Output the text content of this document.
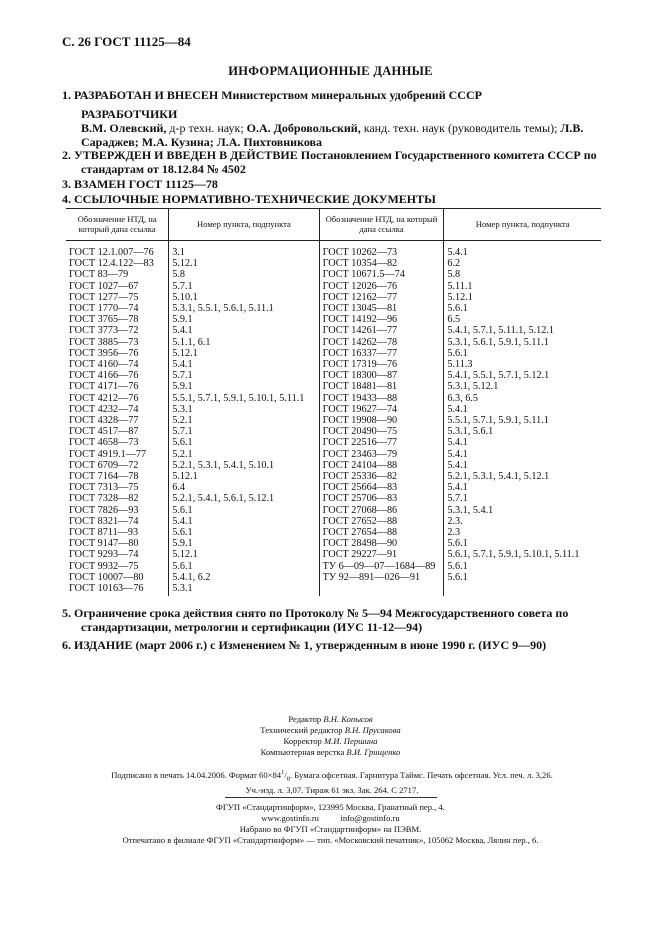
С. 26 ГОСТ 11125—84
ИНФОРМАЦИОННЫЕ ДАННЫЕ
1. РАЗРАБОТАН И ВНЕСЕН Министерством минеральных удобрений СССР
РАЗРАБОТЧИКИ
В.М. Олевский, д-р техн. наук; О.А. Добровольский, канд. техн. наук (руководитель темы); Л.В. Сараджев; М.А. Кузина; Л.А. Пихтовникова
2. УТВЕРЖДЕН И ВВЕДЕН В ДЕЙСТВИЕ Постановлением Государственного комитета СССР по стандартам от 18.12.84 № 4502
3. ВЗАМЕН ГОСТ 11125—78
4. ССЫЛОЧНЫЕ НОРМАТИВНО-ТЕХНИЧЕСКИЕ ДОКУМЕНТЫ
Обозначение НТД, на который дана ссылка	Номер пункта, подпункта	Обозначение НТД, на который дана ссылка	Номер пункта, подпункта
ГОСТ 12.1.007—76	3.1	ГОСТ 10262—73	5.4.1
ГОСТ 12.4.122—83	5.12.1	ГОСТ 10354—82	6.2
ГОСТ 83—79	5.8	ГОСТ 10671.5—74	5.8
ГОСТ 1027—67	5.7.1	ГОСТ 12026—76	5.11.1
ГОСТ 1277—75	5.10.1	ГОСТ 12162—77	5.12.1
ГОСТ 1770—74	5.3.1, 5.5.1, 5.6.1, 5.11.1	ГОСТ 13045—81	5.6.1
ГОСТ 3765—78	5.9.1	ГОСТ 14192—96	6.5
ГОСТ 3773—72	5.4.1	ГОСТ 14261—77	5.4.1, 5.7.1, 5.11.1, 5.12.1
ГОСТ 3885—73	5.1.1, 6.1	ГОСТ 14262—78	5.3.1, 5.6.1, 5.9.1, 5.11.1
ГОСТ 3956—76	5.12.1	ГОСТ 16337—77	5.6.1
ГОСТ 4160—74	5.4.1	ГОСТ 17319—76	5.11.3
ГОСТ 4166—76	5.7.1	ГОСТ 18300—87	5.4.1, 5.5.1, 5.7.1, 5.12.1
ГОСТ 4171—76	5.9.1	ГОСТ 18481—81	5.3.1, 5.12.1
ГОСТ 4212—76	5.5.1, 5.7.1, 5.9.1, 5.10.1, 5.11.1	ГОСТ 19433—88	6.3, 6.5
ГОСТ 4232—74	5.3.1	ГОСТ 19627—74	5.4.1
ГОСТ 4328—77	5.2.1	ГОСТ 19908—90	5.5.1, 5.7.1, 5.9.1, 5.11.1
ГОСТ 4517—87	5.7.1	ГОСТ 20490—75	5.3.1, 5.6.1
ГОСТ 4658—73	5.6.1	ГОСТ 22516—77	5.4.1
ГОСТ 4919.1—77	5.2.1	ГОСТ 23463—79	5.4.1
ГОСТ 6709—72	5.2.1, 5.3.1, 5.4.1, 5.10.1	ГОСТ 24104—88	5.4.1
ГОСТ 7164—78	5.12.1	ГОСТ 25336—82	5.2.1, 5.3.1, 5.4.1, 5.12.1
ГОСТ 7313—75	6.4	ГОСТ 25664—83	5.4.1
ГОСТ 7328—82	5.2.1, 5.4.1, 5.6.1, 5.12.1	ГОСТ 25706—83	5.7.1
ГОСТ 7826—93	5.6.1	ГОСТ 27068—86	5.3.1, 5.4.1
ГОСТ 8321—74	5.4.1	ГОСТ 27652—88	2.3.
ГОСТ 8711—93	5.6.1	ГОСТ 27654—88	2.3
ГОСТ 9147—80	5.9.1	ГОСТ 28498—90	5.6.1
ГОСТ 9293—74	5.12.1	ГОСТ 29227—91	5.6.1, 5.7.1, 5.9.1, 5.10.1, 5.11.1
ГОСТ 9932—75	5.6.1	ТУ 6—09—07—1684—89	5.6.1
ГОСТ 10007—80	5.4.1, 6.2	ТУ 92—891—026—91	5.6.1
ГОСТ 10163—76	5.3.1		
5. Ограничение срока действия снято по Протоколу № 5—94 Межгосударственного совета по стандартизации, метрологии и сертификации (ИУС 11-12—94)
6. ИЗДАНИЕ (март 2006 г.) с Изменением № 1, утвержденным в июне 1990 г. (ИУС 9—90)
Редактор В.Н. Копысов
Технический редактор В.Н. Прусакова
Корректор М.И. Першина
Компьютерная верстка В.И. Грищенко
Подписано в печать 14.04.2006. Формат $60\times 84^1/_8$. Бумага офсетная. Гарнитура Таймс. Печать офсетная. Усл. печ. л. 3,26.
Уч.-изд. л. 3,07. Тираж 61 экз. Зак. 264. С 2717.
ФГУП «Стандартинформ», 123995 Москва, Гранатный пер., 4.
www.gostinfo.ru          info@gostinfo.ru
Набрано во ФГУП «Стандартинформ» на ПЭВМ.
Отпечатано в филиале ФГУП «Стандартинформ» — тип. «Московский печатник», 105062 Москва, Лялин пер., 6.
